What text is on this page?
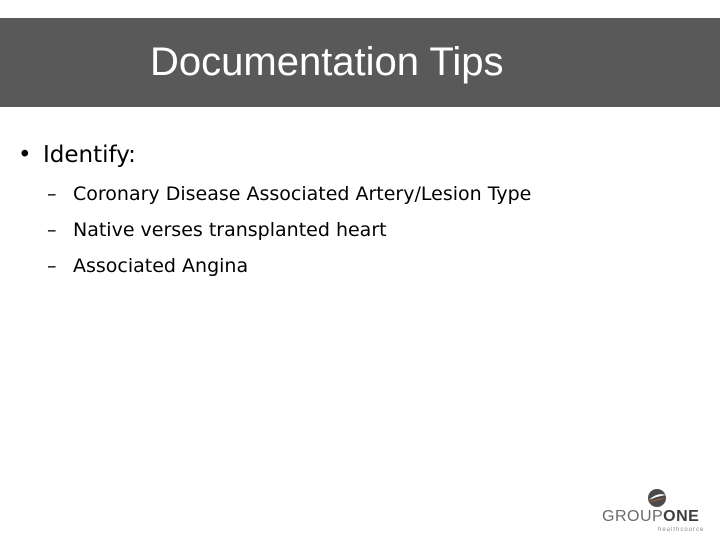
Documentation Tips
• Identify:
– Coronary Disease Associated Artery/Lesion Type
– Native verses transplanted heart
– Associated Angina
GROUPONE
healthsource
